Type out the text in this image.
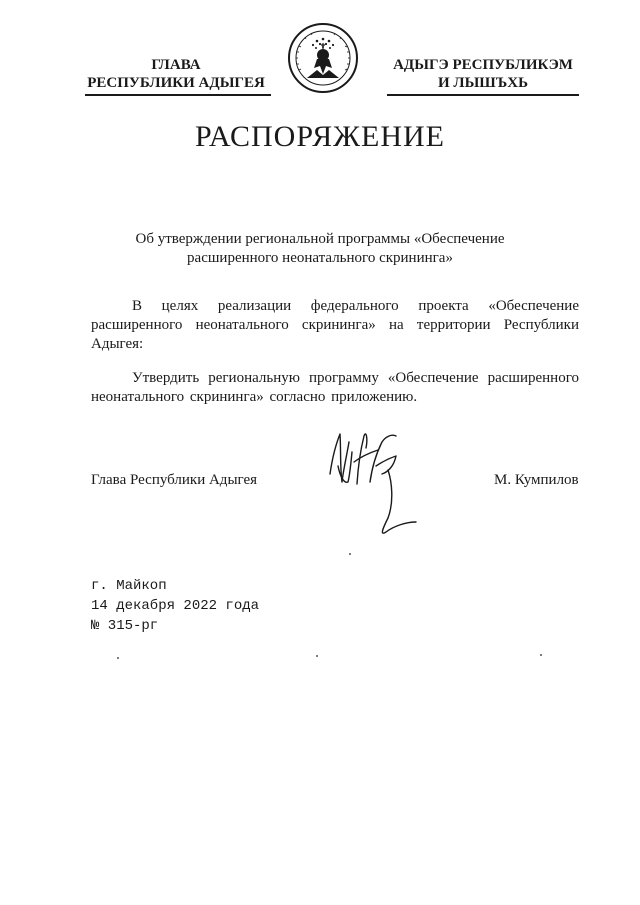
ГЛАВА
РЕСПУБЛИКИ АДЫГЕЯ
АДЫГЭ РЕСПУБЛИКЭМ
И ЛЫШЪХЬ
РАСПОРЯЖЕНИЕ
Об утверждении региональной программы «Обеспечение
расширенного неонатального скрининга»
В целях реализации федерального проекта «Обеспечение расширенного неонатального скрининга» на территории Республики Адыгея:
Утвердить региональную программу «Обеспечение расширенного неонатального скрининга» согласно приложению.
Глава Республики Адыгея	М. Кумпилов
г. Майкоп
14 декабря 2022 года
№ 315-рг
